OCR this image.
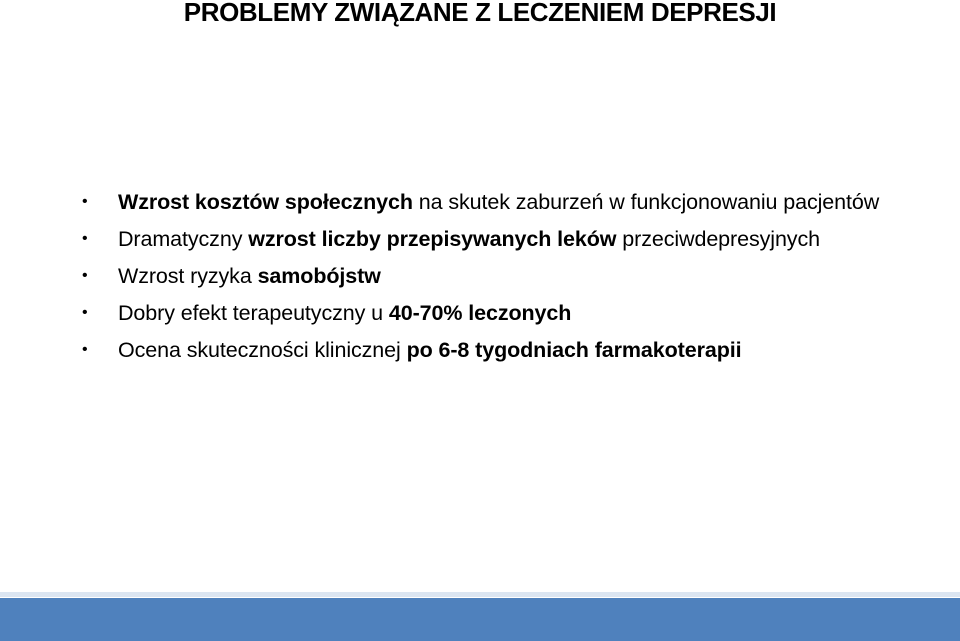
PROBLEMY ZWIĄZANE Z LECZENIEM DEPRESJI
• Wzrost kosztów społecznych na skutek zaburzeń w funkcjonowaniu pacjentów
• Dramatyczny wzrost liczby przepisywanych leków przeciwdepresyjnych
• Wzrost ryzyka samobójstw
• Dobry efekt terapeutyczny u 40-70% leczonych
• Ocena skuteczności klinicznej po 6-8 tygodniach farmakoterapii
